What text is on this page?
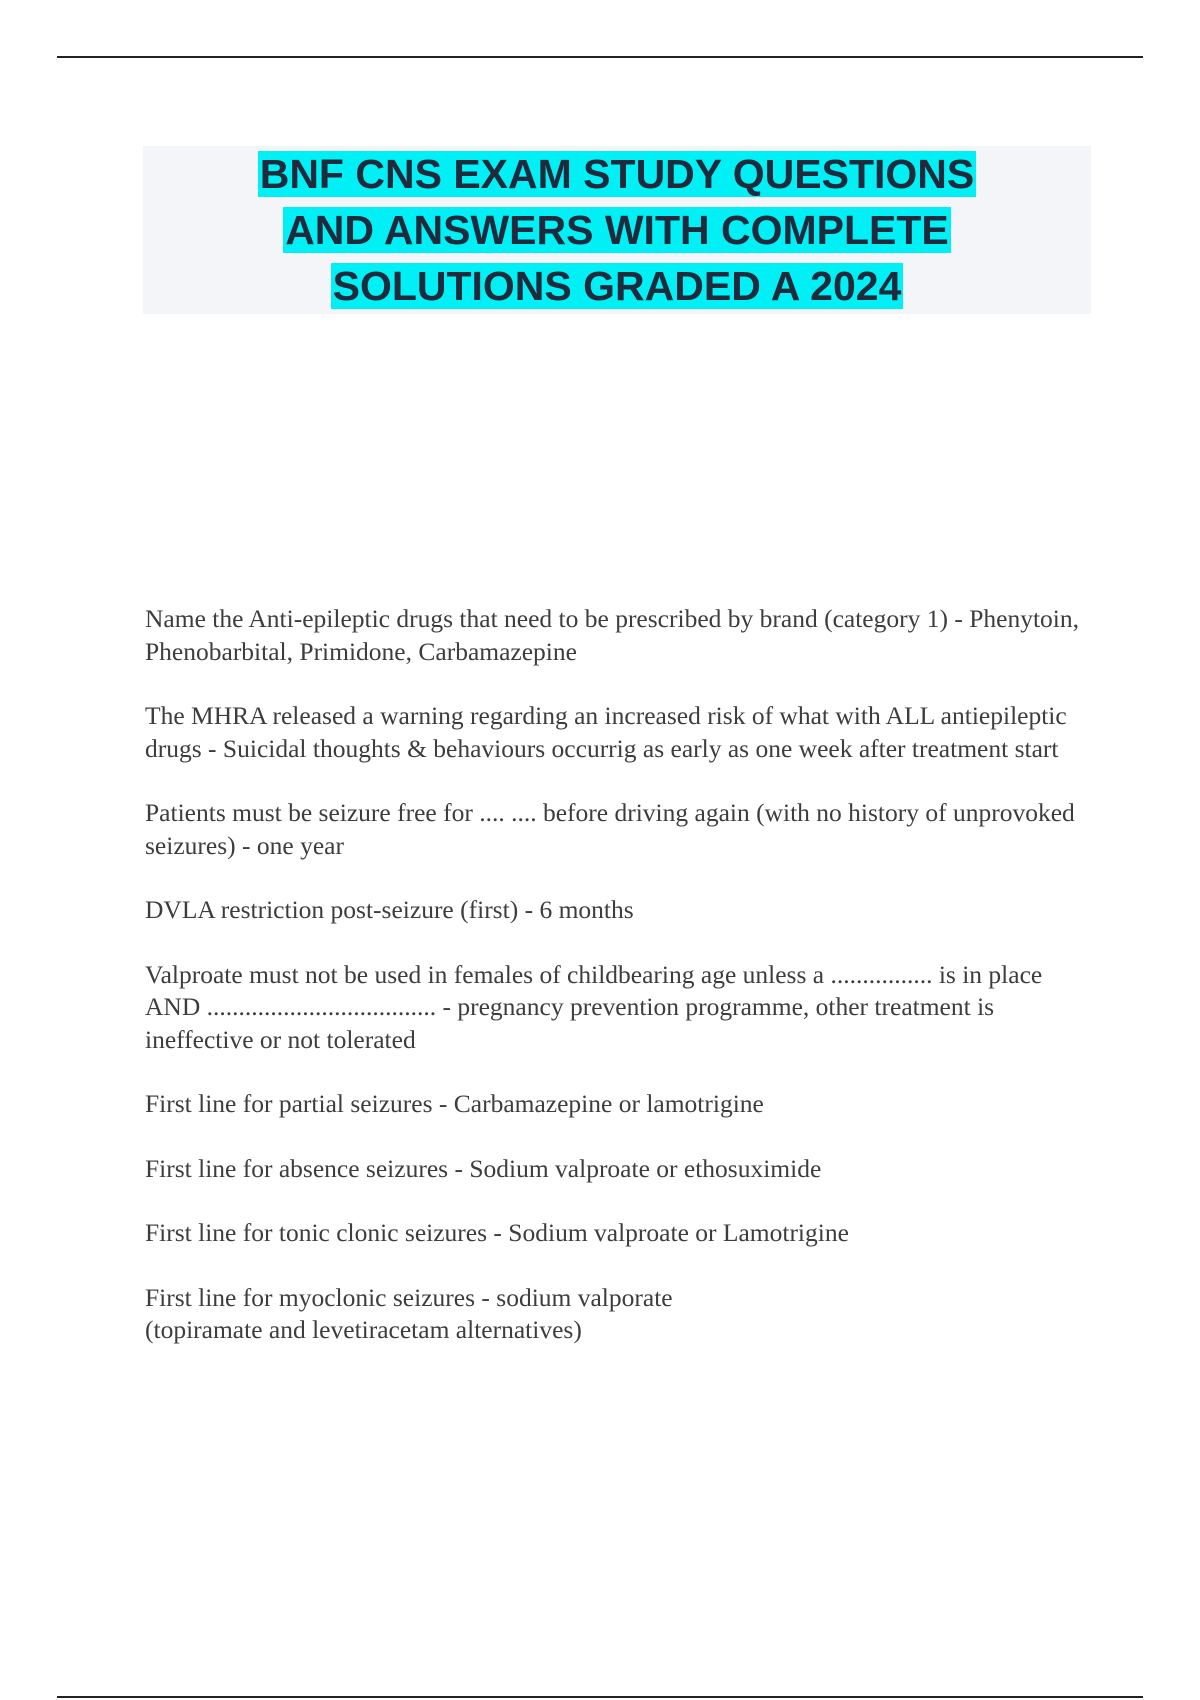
BNF CNS EXAM STUDY QUESTIONS
AND ANSWERS WITH COMPLETE
SOLUTIONS GRADED A 2024
Name the Anti-epileptic drugs that need to be prescribed by brand (category 1) - Phenytoin, Phenobarbital, Primidone, Carbamazepine
The MHRA released a warning regarding an increased risk of what with ALL antiepileptic drugs - Suicidal thoughts & behaviours occurrig as early as one week after treatment start
Patients must be seizure free for .... .... before driving again (with no history of unprovoked seizures) - one year
DVLA restriction post-seizure (first) - 6 months
Valproate must not be used in females of childbearing age unless a ................ is in place AND .................................... - pregnancy prevention programme, other treatment is ineffective or not tolerated
First line for partial seizures - Carbamazepine or lamotrigine
First line for absence seizures - Sodium valproate or ethosuximide
First line for tonic clonic seizures - Sodium valproate or Lamotrigine
First line for myoclonic seizures - sodium valporate
(topiramate and levetiracetam alternatives)
